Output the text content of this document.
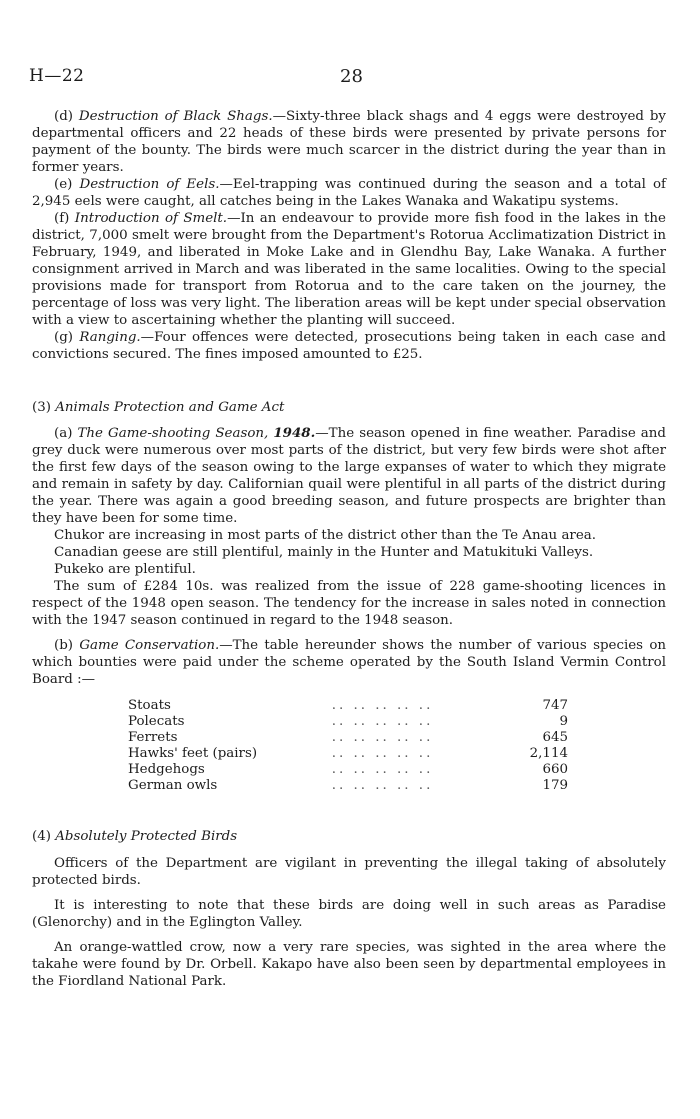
H—22	28

(d) Destruction of Black Shags.—Sixty-three black shags and 4 eggs were destroyed by departmental officers and 22 heads of these birds were presented by private persons for payment of the bounty. The birds were much scarcer in the district during the year than in former years.

(e) Destruction of Eels.—Eel-trapping was continued during the season and a total of 2,945 eels were caught, all catches being in the Lakes Wanaka and Wakatipu systems.

(f) Introduction of Smelt.—In an endeavour to provide more fish food in the lakes in the district, 7,000 smelt were brought from the Department's Rotorua Acclimatization District in February, 1949, and liberated in Moke Lake and in Glendhu Bay, Lake Wanaka. A further consignment arrived in March and was liberated in the same localities. Owing to the special provisions made for transport from Rotorua and to the care taken on the journey, the percentage of loss was very light. The liberation areas will be kept under special observation with a view to ascertaining whether the planting will succeed.

(g) Ranging.—Four offences were detected, prosecutions being taken in each case and convictions secured. The fines imposed amounted to £25.

(3) Animals Protection and Game Act

(a) The Game-shooting Season, 1948.—The season opened in fine weather. Paradise and grey duck were numerous over most parts of the district, but very few birds were shot after the first few days of the season owing to the large expanses of water to which they migrate and remain in safety by day. Californian quail were plentiful in all parts of the district during the year. There was again a good breeding season, and future prospects are brighter than they have been for some time.

Chukor are increasing in most parts of the district other than the Te Anau area.

Canadian geese are still plentiful, mainly in the Hunter and Matukituki Valleys.

Pukeko are plentiful.

The sum of £284 10s. was realized from the issue of 228 game-shooting licences in respect of the 1948 open season. The tendency for the increase in sales noted in connection with the 1947 season continued in regard to the 1948 season.

(b) Game Conservation.—The table hereunder shows the number of various species on which bounties were paid under the scheme operated by the South Island Vermin Control Board :—

Stoats	.. .. .. .. ..	747
Polecats	.. .. .. .. ..	9
Ferrets	.. .. .. .. ..	645
Hawks' feet (pairs)	.. .. .. .. ..	2,114
Hedgehogs	.. .. .. .. ..	660
German owls	.. .. .. .. ..	179
(4) Absolutely Protected Birds

Officers of the Department are vigilant in preventing the illegal taking of absolutely protected birds.

It is interesting to note that these birds are doing well in such areas as Paradise (Glenorchy) and in the Eglington Valley.

An orange-wattled crow, now a very rare species, was sighted in the area where the takahe were found by Dr. Orbell. Kakapo have also been seen by departmental employees in the Fiordland National Park.
